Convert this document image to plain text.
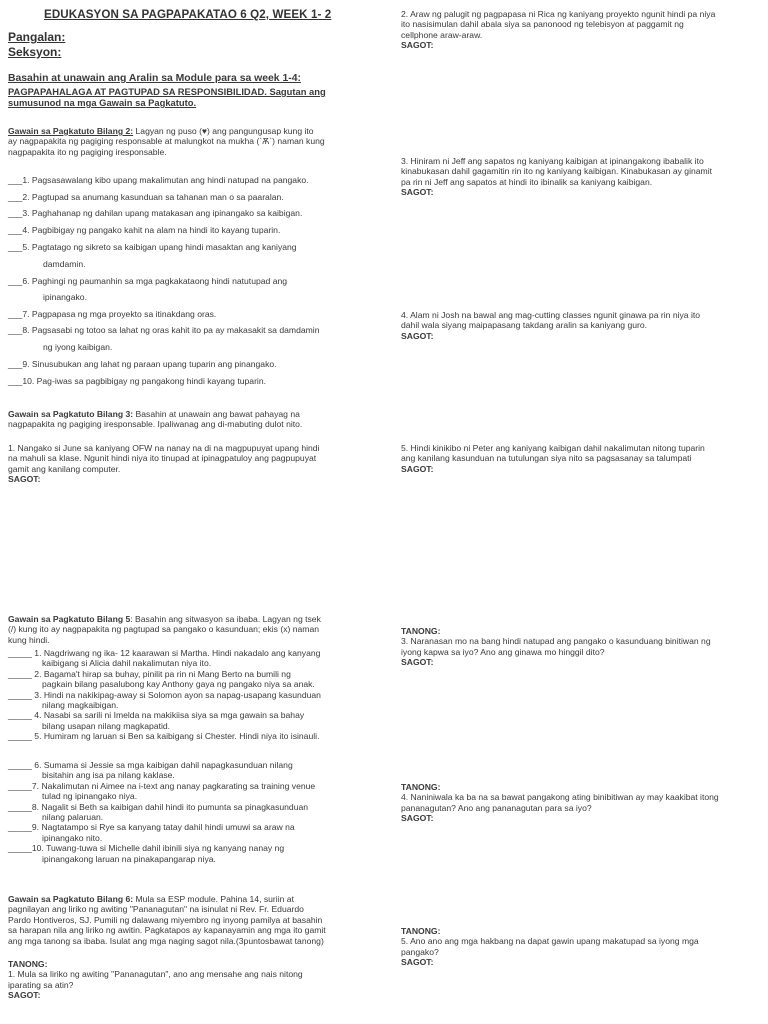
EDUKASYON SA PAGPAPAKATAO 6 Q2, WEEK 1- 2
Pangalan:
Seksyon:
Basahin at unawain ang Aralin sa Module para sa week 1-4:
PAGPAPAHALAGA AT PAGTUPAD SA RESPONSIBILIDAD. Sagutan ang
sumusunod na mga Gawain sa Pagkatuto.
Gawain sa Pagkatuto Bilang 2: Lagyan ng puso (♥) ang pangungusap kung ito
ay nagpapakita ng pagiging responsable at malungkot na mukha (`Ѫ`) naman kung
nagpapakita ito ng pagiging iresponsable.
___1. Pagsasawalang kibo upang makalimutan ang hindi natupad na pangako.
___2. Pagtupad sa anumang kasunduan sa tahanan man o sa paaralan.
___3. Paghahanap ng dahilan upang matakasan ang ipinangako sa kaibigan.
___4. Pagbibigay ng pangako kahit na alam na hindi ito kayang tuparin.
___5. Pagtatago ng sikreto sa kaibigan upang hindi masaktan ang kaniyang
damdamin.
___6. Paghingi ng paumanhin sa mga pagkakataong hindi natutupad ang
ipinangako.
___7. Pagpapasa ng mga proyekto sa itinakdang oras.
___8. Pagsasabi ng totoo sa lahat ng oras kahit ito pa ay makasakit sa damdamin
ng iyong kaibigan.
___9. Sinusubukan ang lahat ng paraan upang tuparin ang pinangako.
___10. Pag-iwas sa pagbibigay ng pangakong hindi kayang tuparin.
Gawain sa Pagkatuto Bilang 3: Basahin at unawain ang bawat pahayag na
nagpapakita ng pagiging iresponsable. Ipaliwanag ang di-mabuting dulot nito.
1. Nangako si June sa kaniyang OFW na nanay na di na magpupuyat upang hindi
na mahuli sa klase. Ngunit hindi niya ito tinupad at ipinagpatuloy ang pagpupuyat
gamit ang kanilang computer.
SAGOT:
Gawain sa Pagkatuto Bilang 5: Basahin ang sitwasyon sa ibaba. Lagyan ng tsek
(/) kung ito ay nagpapakita ng pagtupad sa pangako o kasunduan; ekis (x) naman
kung hindi.
_____ 1. Nagdriwang ng ika- 12 kaarawan si Martha. Hindi nakadalo ang kanyang
kaibigang si Alicia dahil nakalimutan niya ito.
_____ 2. Bagama't hirap sa buhay, pinilit pa rin ni Mang Berto na bumili ng
pagkain bilang pasalubong kay Anthony gaya ng pangako niya sa anak.
_____ 3. Hindi na nakikipag-away si Solomon ayon sa napag-usapang kasunduan
nilang magkaibigan.
_____ 4. Nasabi sa sarili ni Imelda na makikiisa siya sa mga gawain sa bahay
bilang usapan nilang magkapatid.
_____ 5. Humiram ng laruan si Ben sa kaibigang si Chester. Hindi niya ito isinauli.
_____ 6. Sumama si Jessie sa mga kaibigan dahil napagkasunduan nilang
bisitahin ang isa pa nilang kaklase.
_____7. Nakalimutan ni Aimee na i-text ang nanay pagkarating sa training venue
tulad ng ipinangako niya.
_____8. Nagalit si Beth sa kaibigan dahil hindi ito pumunta sa pinagkasunduan
nilang palaruan.
_____9. Nagtatampo si Rye sa kanyang tatay dahil hindi umuwi sa araw na
ipinangako nito.
_____10. Tuwang-tuwa si Michelle dahil ibinili siya ng kanyang nanay ng
ipinangakong laruan na pinakapangarap niya.
Gawain sa Pagkatuto Bilang 6: Mula sa ESP module. Pahina 14, suriin at
pagnilayan ang liriko ng awiting "Pananagutan" na isinulat ni Rev. Fr. Eduardo
Pardo Hontiveros, SJ. Pumili ng dalawang miyembro ng inyong pamilya at basahin
sa harapan nila ang liriko ng awitin. Pagkatapos ay kapanayamin ang mga ito gamit
ang mga tanong sa ibaba. Isulat ang mga naging sagot nila.(3puntosbawat tanong)
TANONG:
1. Mula sa liriko ng awiting "Pananagutan", ano ang mensahe ang nais nitong
iparating sa atin?
SAGOT:
2. Araw ng palugit ng pagpapasa ni Rica ng kaniyang proyekto ngunit hindi pa niya
ito nasisimulan dahil abala siya sa panonood ng telebisyon at paggamit ng
cellphone araw-araw.
SAGOT:
3. Hiniram ni Jeff ang sapatos ng kaniyang kaibigan at ipinangakong ibabalik ito
kinabukasan dahil gagamitin rin ito ng kaniyang kaibigan. Kinabukasan ay ginamit
pa rin ni Jeff ang sapatos at hindi ito ibinalik sa kaniyang kaibigan.
SAGOT:
4. Alam ni Josh na bawal ang mag-cutting classes ngunit ginawa pa rin niya ito
dahil wala siyang maipapasang takdang aralin sa kaniyang guro.
SAGOT:
5. Hindi kinikibo ni Peter ang kaniyang kaibigan dahil nakalimutan nitong tuparin
ang kanilang kasunduan na tutulungan siya nito sa pagsasanay sa talumpati
SAGOT:
TANONG:
3. Naranasan mo na bang hindi natupad ang pangako o kasunduang binitiwan ng
iyong kapwa sa iyo? Ano ang ginawa mo hinggil dito?
SAGOT:
TANONG:
4. Naniniwala ka ba na sa bawat pangakong ating binibitiwan ay may kaakibat itong
pananagutan? Ano ang pananagutan para sa iyo?
SAGOT:
TANONG:
5. Ano ano ang mga hakbang na dapat gawin upang makatupad sa iyong mga
pangako?
SAGOT:
